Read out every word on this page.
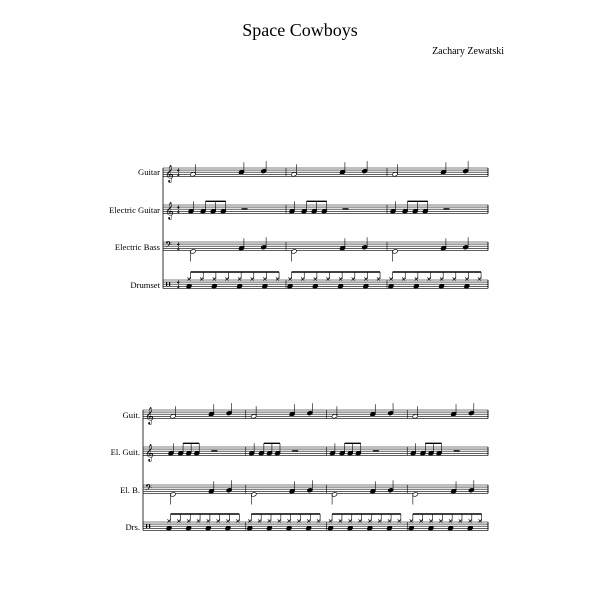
Space Cowboys
Zachary Zewatski
Guitar
Electric Guitar
Electric Bass
Drumset
Guit.
El. Guit.
El. B.
Drs.
𝄞 4
4
𝄞 4
4
𝄢 4
4
4
4
𝄞
𝄞
𝄢
